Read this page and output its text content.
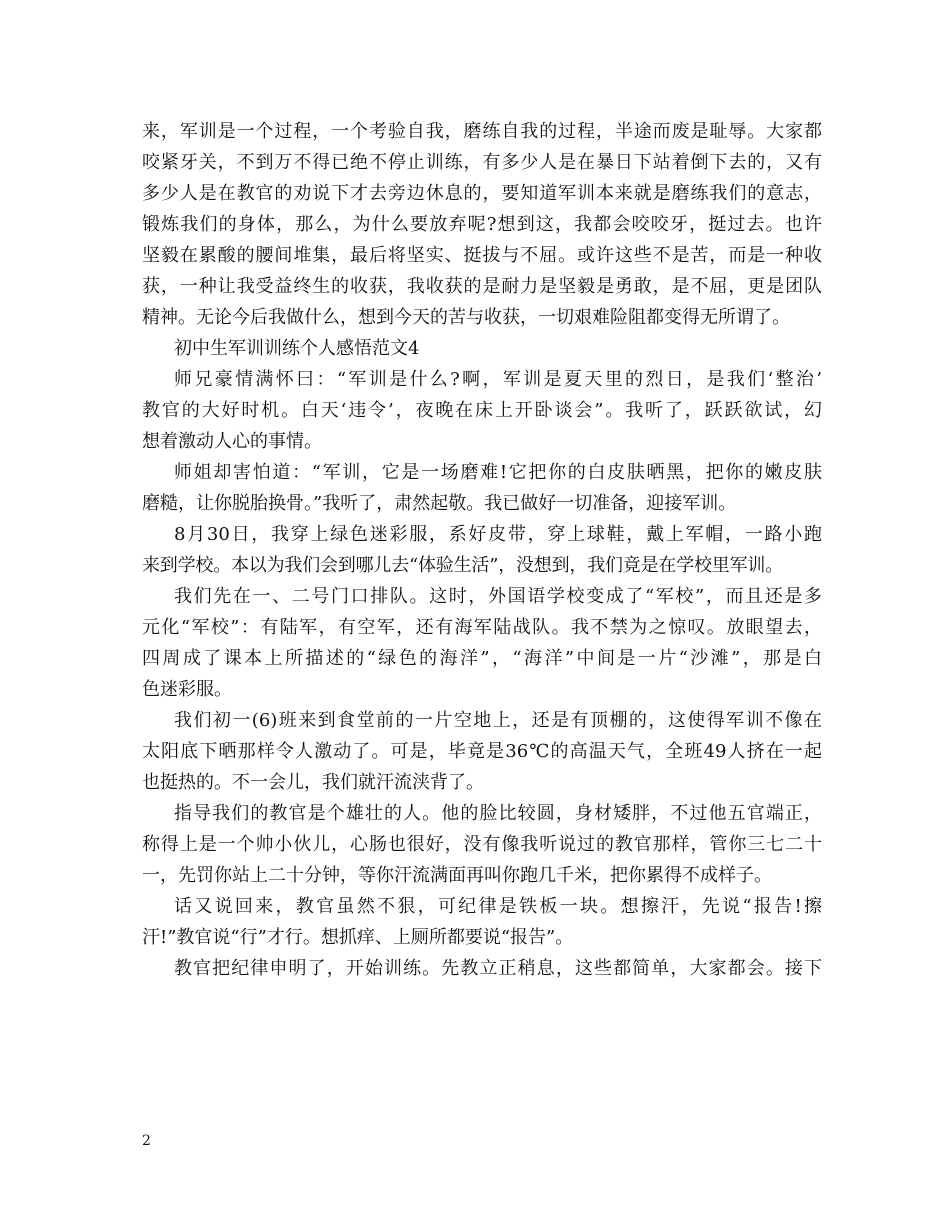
来，军训是一个过程，一个考验自我，磨练自我的过程，半途而废是耻辱。大家都
咬紧牙关，不到万不得已绝不停止训练，有多少人是在暴日下站着倒下去的，又有
多少人是在教官的劝说下才去旁边休息的，要知道军训本来就是磨练我们的意志，
锻炼我们的身体，那么，为什么要放弃呢?想到这，我都会咬咬牙，挺过去。也许
坚毅在累酸的腰间堆集，最后将坚实、挺拔与不屈。或许这些不是苦，而是一种收
获，一种让我受益终生的收获，我收获的是耐力是坚毅是勇敢，是不屈，更是团队
精神。无论今后我做什么，想到今天的苦与收获，一切艰难险阻都变得无所谓了。
初中生军训训练个人感悟范文4
师兄豪情满怀曰：“军训是什么?啊，军训是夏天里的烈日，是我们‘整治’
教官的大好时机。白天‘违令’，夜晚在床上开卧谈会”。我听了，跃跃欲试，幻
想着激动人心的事情。
师姐却害怕道：“军训，它是一场磨难!它把你的白皮肤晒黑，把你的嫩皮肤
磨糙，让你脱胎换骨。”我听了，肃然起敬。我已做好一切准备，迎接军训。
8月30日，我穿上绿色迷彩服，系好皮带，穿上球鞋，戴上军帽，一路小跑
来到学校。本以为我们会到哪儿去“体验生活”，没想到，我们竟是在学校里军训。
我们先在一、二号门口排队。这时，外国语学校变成了“军校”，而且还是多
元化“军校”：有陆军，有空军，还有海军陆战队。我不禁为之惊叹。放眼望去，
四周成了课本上所描述的“绿色的海洋”，“海洋”中间是一片“沙滩”，那是白
色迷彩服。
我们初一(6)班来到食堂前的一片空地上，还是有顶棚的，这使得军训不像在
太阳底下晒那样令人激动了。可是，毕竟是36℃的高温天气，全班49人挤在一起
也挺热的。不一会儿，我们就汗流浃背了。
指导我们的教官是个雄壮的人。他的脸比较圆，身材矮胖，不过他五官端正，
称得上是一个帅小伙儿，心肠也很好，没有像我听说过的教官那样，管你三七二十
一，先罚你站上二十分钟，等你汗流满面再叫你跑几千米，把你累得不成样子。
话又说回来，教官虽然不狠，可纪律是铁板一块。想擦汗，先说“报告!擦
汗!”教官说“行”才行。想抓痒、上厕所都要说“报告”。
教官把纪律申明了，开始训练。先教立正稍息，这些都简单，大家都会。接下
2
